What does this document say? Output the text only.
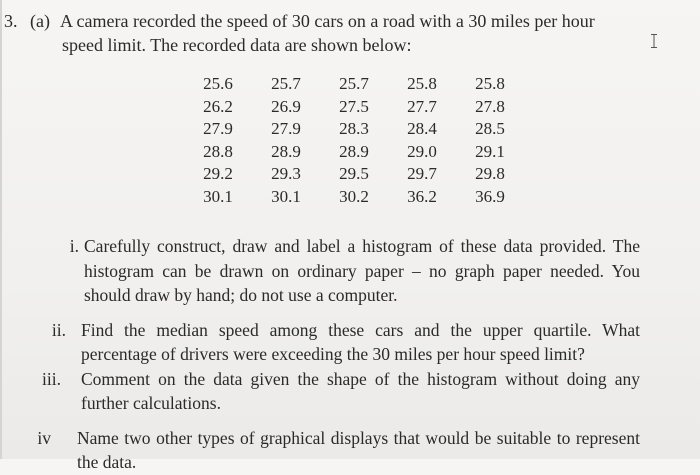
3. (a) A camera recorded the speed of 30 cars on a road with a 30 miles per hour
speed limit. The recorded data are shown below:
25.6	25.7	25.7	25.8	25.8
26.2	26.9	27.5	27.7	27.8
27.9	27.9	28.3	28.4	28.5
28.8	28.9	28.9	29.0	29.1
29.2	29.3	29.5	29.7	29.8
30.1	30.1	30.2	36.2	36.9
i. Carefully construct, draw and label a histogram of these data provided. The histogram can be drawn on ordinary paper – no graph paper needed. You should draw by hand; do not use a computer.
ii. Find the median speed among these cars and the upper quartile. What percentage of drivers were exceeding the 30 miles per hour speed limit?
iii. Comment on the data given the shape of the histogram without doing any further calculations.
iv Name two other types of graphical displays that would be suitable to represent the data.
